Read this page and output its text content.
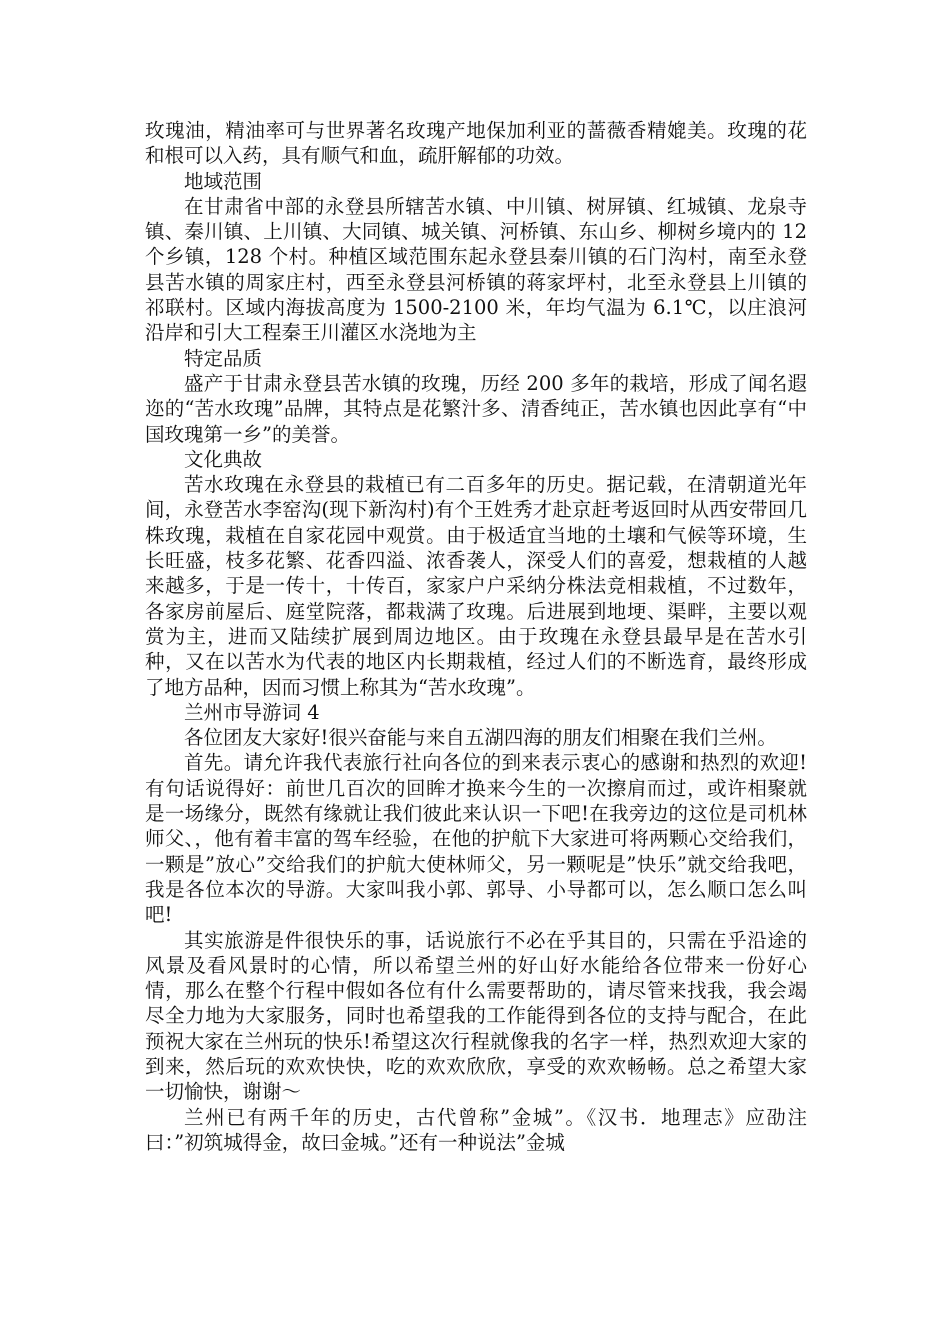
玫瑰油，精油率可与世界著名玫瑰产地保加利亚的蔷薇香精媲美。玫瑰的花和根可以入药，具有顺气和血，疏肝解郁的功效。

地域范围

在甘肃省中部的永登县所辖苦水镇、中川镇、树屏镇、红城镇、龙泉寺镇、秦川镇、上川镇、大同镇、城关镇、河桥镇、东山乡、柳树乡境内的 12 个乡镇，128 个村。种植区域范围东起永登县秦川镇的石门沟村，南至永登县苦水镇的周家庄村，西至永登县河桥镇的蒋家坪村，北至永登县上川镇的祁联村。区域内海拔高度为 1500-2100 米，年均气温为 6.1℃，以庄浪河沿岸和引大工程秦王川灌区水浇地为主

特定品质

盛产于甘肃永登县苦水镇的玫瑰，历经 200 多年的栽培，形成了闻名遐迩的“苦水玫瑰”品牌，其特点是花繁汁多、清香纯正，苦水镇也因此享有“中国玫瑰第一乡”的美誉。

文化典故

苦水玫瑰在永登县的栽植已有二百多年的历史。据记载，在清朝道光年间，永登苦水李窑沟(现下新沟村)有个王姓秀才赴京赶考返回时从西安带回几株玫瑰，栽植在自家花园中观赏。由于极适宜当地的土壤和气候等环境，生长旺盛，枝多花繁、花香四溢、浓香袭人，深受人们的喜爱，想栽植的人越来越多，于是一传十，十传百，家家户户采纳分株法竞相栽植，不过数年，各家房前屋后、庭堂院落，都栽满了玫瑰。后进展到地埂、渠畔，主要以观赏为主，进而又陆续扩展到周边地区。由于玫瑰在永登县最早是在苦水引种，又在以苦水为代表的地区内长期栽植，经过人们的不断选育，最终形成了地方品种，因而习惯上称其为“苦水玫瑰”。

兰州市导游词 4

各位团友大家好!很兴奋能与来自五湖四海的朋友们相聚在我们兰州。

首先。请允许我代表旅行社向各位的到来表示衷心的感谢和热烈的欢迎!有句话说得好：前世几百次的回眸才换来今生的一次擦肩而过，或许相聚就是一场缘分，既然有缘就让我们彼此来认识一下吧!在我旁边的这位是司机林师父、，他有着丰富的驾车经验，在他的护航下大家进可将两颗心交给我们，一颗是”放心”交给我们的护航大使林师父，另一颗呢是”快乐”就交给我吧，我是各位本次的导游。大家叫我小郭、郭导、小导都可以，怎么顺口怎么叫吧!

其实旅游是件很快乐的事，话说旅行不必在乎其目的，只需在乎沿途的风景及看风景时的心情，所以希望兰州的好山好水能给各位带来一份好心情，那么在整个行程中假如各位有什么需要帮助的，请尽管来找我，我会竭尽全力地为大家服务，同时也希望我的工作能得到各位的支持与配合，在此预祝大家在兰州玩的快乐!希望这次行程就像我的名字一样，热烈欢迎大家的到来，然后玩的欢欢快快，吃的欢欢欣欣，享受的欢欢畅畅。总之希望大家一切愉快，谢谢～

兰州已有两千年的历史，古代曾称”金城”。《汉书．地理志》应劭注曰：”初筑城得金，故曰金城。”还有一种说法”金城
